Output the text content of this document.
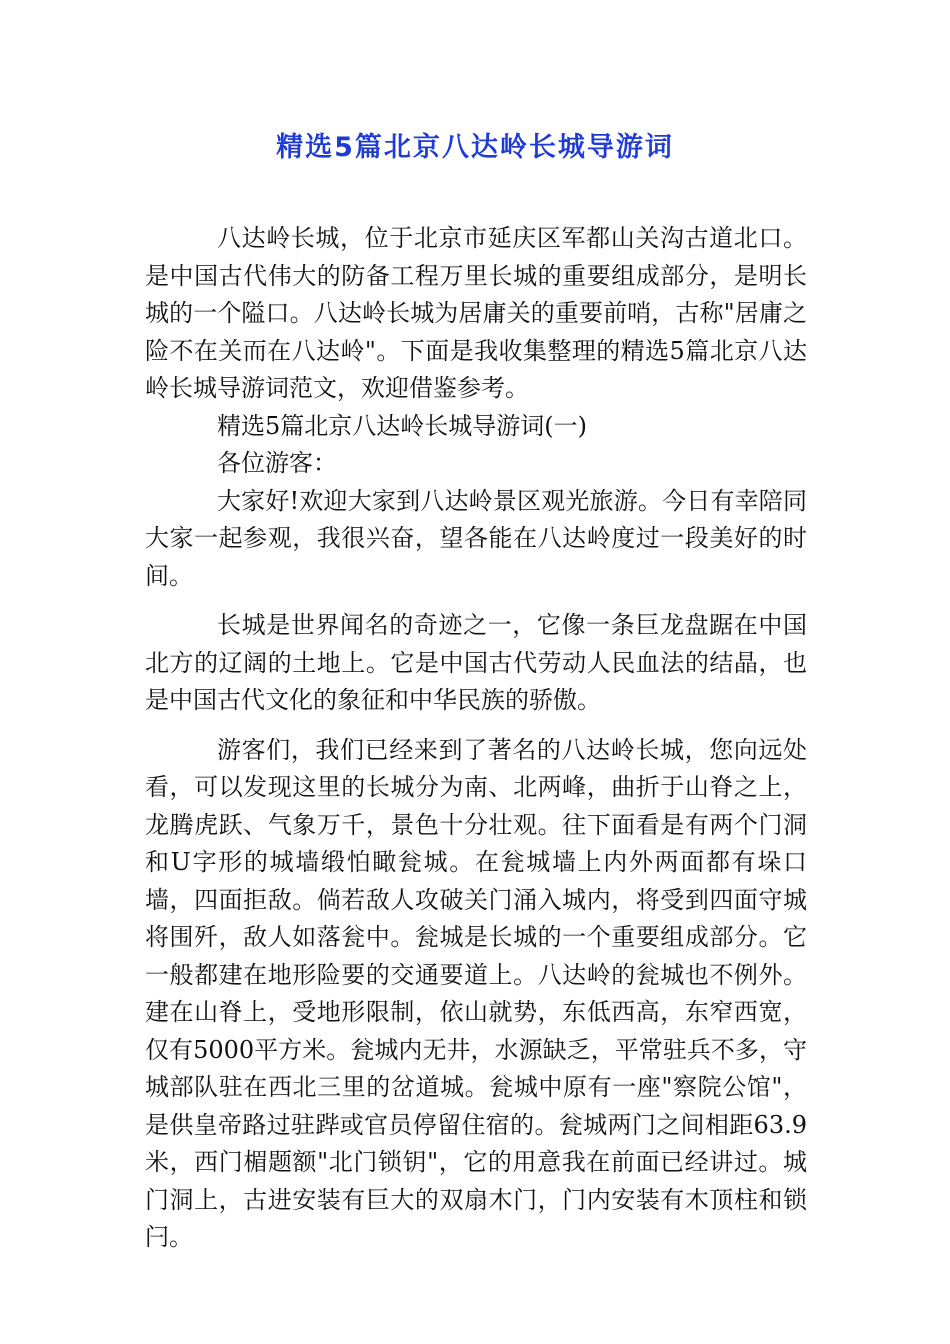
精选5篇北京八达岭长城导游词

八达岭长城，位于北京市延庆区军都山关沟古道北口。是中国古代伟大的防备工程万里长城的重要组成部分，是明长城的一个隘口。八达岭长城为居庸关的重要前哨，古称"居庸之险不在关而在八达岭"。下面是我收集整理的精选5篇北京八达岭长城导游词范文，欢迎借鉴参考。

精选5篇北京八达岭长城导游词(一)

各位游客：

大家好!欢迎大家到八达岭景区观光旅游。今日有幸陪同大家一起参观，我很兴奋，望各能在八达岭度过一段美好的时间。

长城是世界闻名的奇迹之一，它像一条巨龙盘踞在中国北方的辽阔的土地上。它是中国古代劳动人民血法的结晶，也是中国古代文化的象征和中华民族的骄傲。

游客们，我们已经来到了著名的八达岭长城，您向远处看，可以发现这里的长城分为南、北两峰，曲折于山脊之上，龙腾虎跃、气象万千，景色十分壮观。往下面看是有两个门洞和U字形的城墙缎怕瞰瓮城。在瓮城墙上内外两面都有垛口墙，四面拒敌。倘若敌人攻破关门涌入城内，将受到四面守城将围歼，敌人如落瓮中。瓮城是长城的一个重要组成部分。它一般都建在地形险要的交通要道上。八达岭的瓮城也不例外。建在山脊上，受地形限制，依山就势，东低西高，东窄西宽，仅有5000平方米。瓮城内无井，水源缺乏，平常驻兵不多，守城部队驻在西北三里的岔道城。瓮城中原有一座"察院公馆"，是供皇帝路过驻跸或官员停留住宿的。瓮城两门之间相距63.9米，西门楣题额"北门锁钥"，它的用意我在前面已经讲过。城门洞上，古进安装有巨大的双扇木门，门内安装有木顶柱和锁闩。
